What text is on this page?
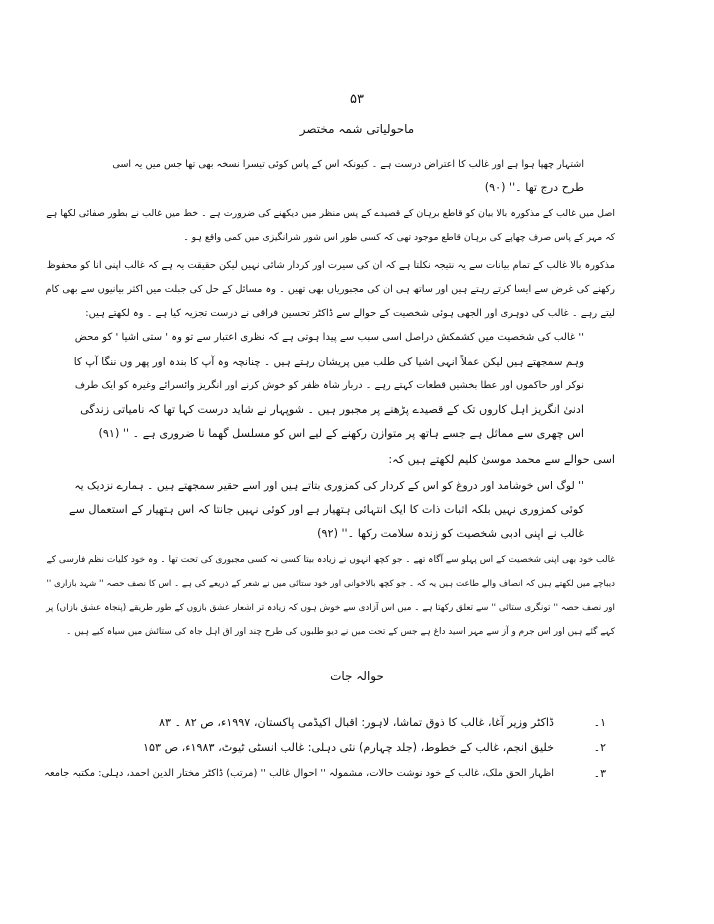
۵۳
ماحولیاتی شمہ مختصر
اشتہار چھپا ہوا ہے اور غالب کا اعتراض درست ہے ۔ کیونکہ اس کے پاس کوئی تیسرا نسخہ بھی تھا جس میں یہ اسی
طرح درج تھا ۔'' (۹۰)
اصل میں غالب کے مذکورہ بالا بیان کو قاطع برہان کے قصیدے کے پس منظر میں دیکھنے کی ضرورت ہے ۔ خط میں غالب نے بطور صفائی لکھا ہے
کہ مہر کے پاس صرف چھاپے کی برہان قاطع موجود تھی کہ کسی طور اس شور شرانگیزی میں کمی واقع ہو ۔
مذکورہ بالا غالب کے تمام بیانات سے یہ نتیجہ نکلتا ہے کہ ان کی سیرت اور کردار شائی نہیں لیکن حقیقت یہ ہے کہ غالب اپنی انا کو محفوظ
رکھنے کی غرض سے ایسا کرتے رہتے ہیں اور ساتھ ہی ان کی مجبوریاں بھی تھیں ۔ وہ مسائل کے حل کی جبلت میں اکثر بیانیوں سے بھی کام
لیتے رہے ۔ غالب کی دوہری اور الجھی ہوئی شخصیت کے حوالے سے ڈاکٹر تحسین فراقی نے درست تجزیہ کیا ہے ۔ وہ لکھتے ہیں:
'' غالب کی شخصیت میں کشمکش دراصل اسی سبب سے پیدا ہوتی ہے کہ نظری اعتبار سے تو وہ ' ستی اشیا ' کو محض
وہم سمجھتے ہیں لیکن عملاً انہی اشیا کی طلب میں پریشان رہتے ہیں ۔ چنانچہ وہ آپ کا بندہ اور پھر وں ننگا آپ کا
نوکر اور حاکموں اور عطا بخشیں قطعات کہتے رہے ۔ دربار شاہ ظفر کو خوش کرنے اور انگریز وائسرائے وغیرہ کو ایک طرف
ادنیٰ انگریز اہل کاروں تک کے قصیدے پڑھنے پر مجبور ہیں ۔ شوپہار نے شاید درست کہا تھا کہ نامیاتی زندگی
اس چھری سے مماثل ہے جسے ہاتھ پر متوازن رکھنے کے لیے اس کو مسلسل گھما نا ضروری ہے ۔ '' (۹۱)
اسی حوالے سے محمد موسیٰ کلیم لکھتے ہیں کہ:
'' لوگ اس خوشامد اور دروغ کو اس کے کردار کی کمزوری بتاتے ہیں اور اسے حقیر سمجھتے ہیں ۔ ہمارے نزدیک یہ
کوئی کمزوری نہیں بلکہ اثبات ذات کا ایک انتہائی ہتھیار ہے اور کوئی نہیں جانتا کہ اس ہتھیار کے استعمال سے
غالب نے اپنی ادبی شخصیت کو زندہ سلامت رکھا ۔'' (۹۲)
غالب خود بھی اپنی شخصیت کے اس پہلو سے آگاہ تھے ۔ جو کچھ انہوں نے زیادہ بیتا کسی نہ کسی مجبوری کی تحت تھا ۔ وہ خود کلیات نظم فارسی کے
دیباچے میں لکھتے ہیں کہ انصاف والے طاعت ہیں یہ کہ ۔ جو کچھ بالاخوانی اور خود ستائی میں نے شعر کے ذریعے کی ہے ۔ اس کا نصف حصہ '' شہد بازاری ''
اور نصف حصہ '' تونگری ستائی '' سے تعلق رکھتا ہے ۔ میں اس آزادی سے خوش ہوں کہ زیادہ تر اشعار عشق بازوں کے طور طریقے (پنجاہ عشق بازاں) پر
کہے گئے ہیں اور اس جرم و آز سے مہر اسید داغ ہے جس کے تحت میں نے دیو طلبوں کی طرح چند اور اق اہل جاہ کی ستائش میں سیاہ کیے ہیں ۔
حوالہ جات
۱۔
ڈاکٹر وزیر آغا، غالب کا ذوق تماشا، لاہور: اقبال اکیڈمی پاکستان، ۱۹۹۷ء، ص ۸۲ ۔ ۸۳
۲۔
خلیق انجم، غالب کے خطوط، (جلد چہارم) نئی دہلی: غالب انسٹی ٹیوٹ، ۱۹۸۳ء، ص ۱۵۳
۳۔
اظہار الحق ملک، غالب کے خود نوشت حالات، مشمولہ '' احوال غالب '' (مرتب) ڈاکٹر مختار الدین احمد، دہلی: مکتبہ جامعہ
